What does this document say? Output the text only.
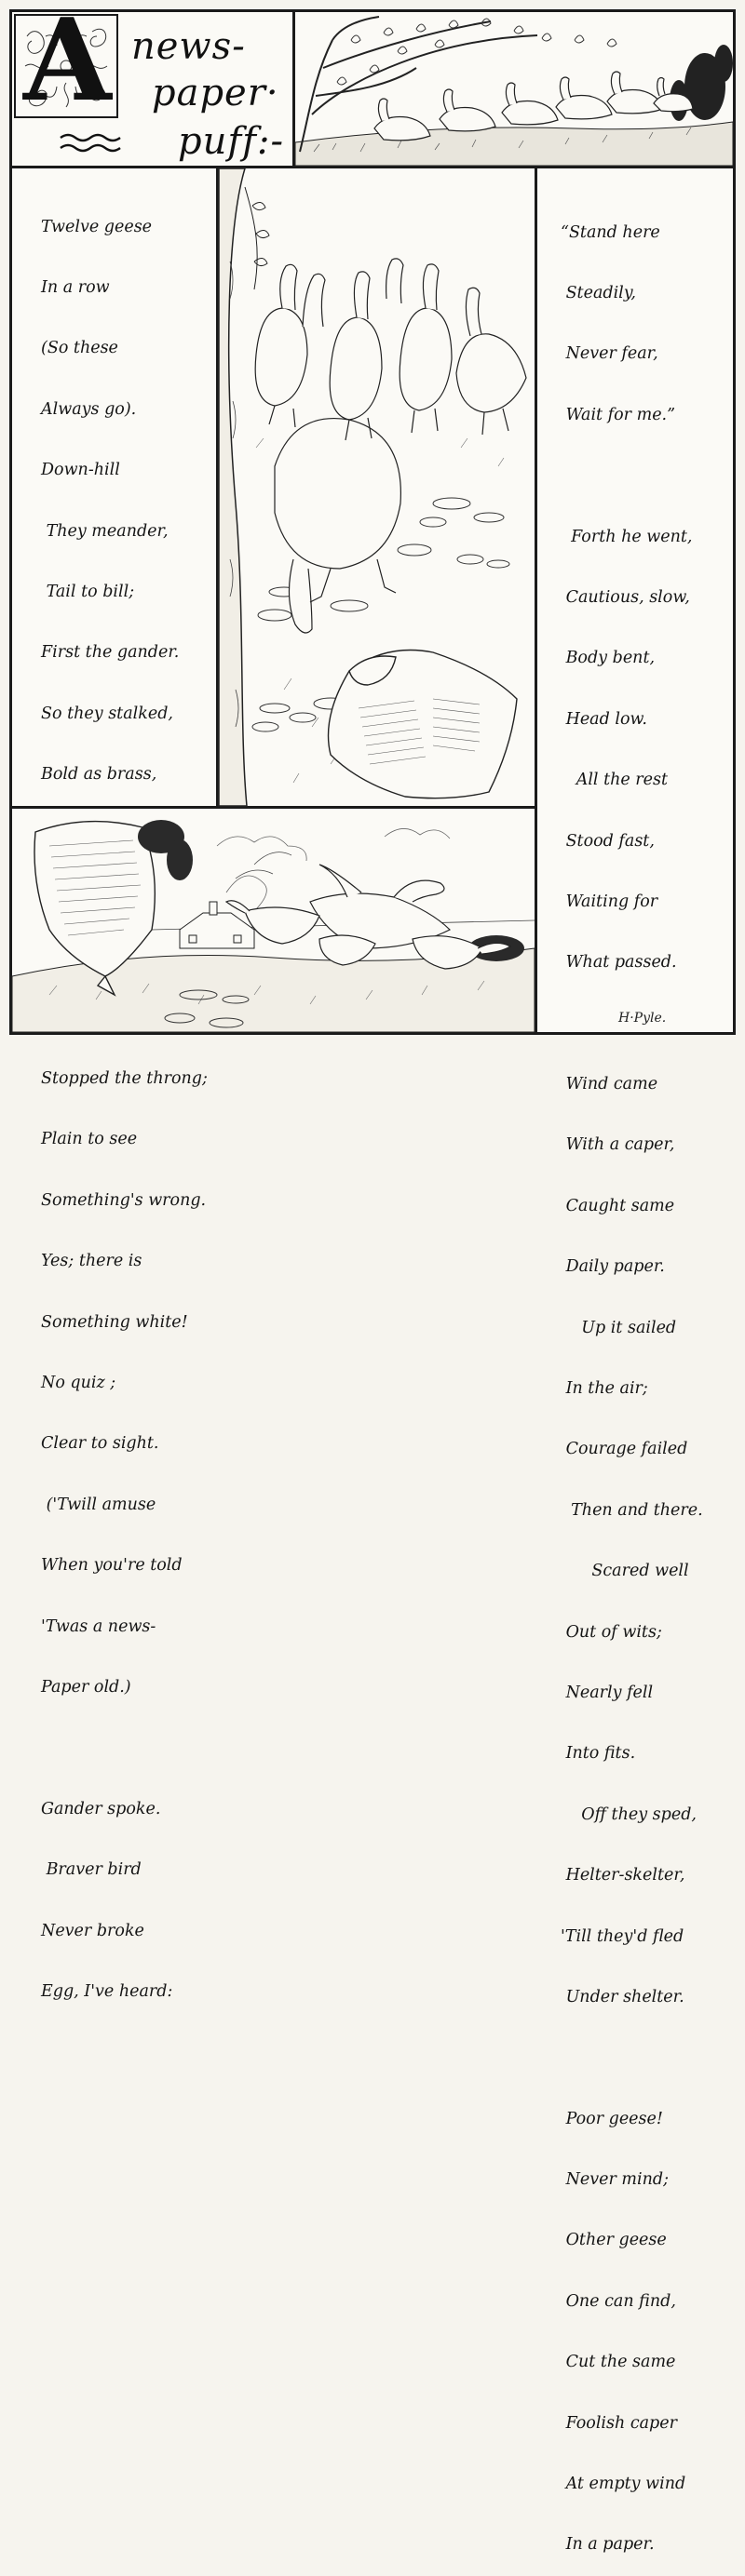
A news-
paper·
puff:-

Twelve geese

In a row

(So these

Always go).

Down-hill

They meander,

Tail to bill;

First the gander.

So they stalked,

Bold as brass,

Stopped the throng;

Plain to see

Something's wrong.

Yes; there is

Something white!

No quiz ;

Clear to sight.

('Twill amuse

When you're told

'Twas a news-

Paper old.)

Gander spoke.

Braver bird

Never broke

Egg, I've heard:

“Stand here

Steadily,

Never fear,

Wait for me.”

Forth he went,

Cautious, slow,

Body bent,

Head low.

All the rest

Stood fast,

Waiting for

What passed.

Wind came

With a caper,

Caught same

Daily paper.

Up it sailed

In the air;

Courage failed

Then and there.

Scared well

Out of wits;

Nearly fell

Into fits.

Off they sped,

Helter-skelter,

'Till they'd fled

Under shelter.

Poor geese!

Never mind;

Other geese

One can find,

Cut the same

Foolish caper

At empty wind

In a paper.

H·Pyle.
